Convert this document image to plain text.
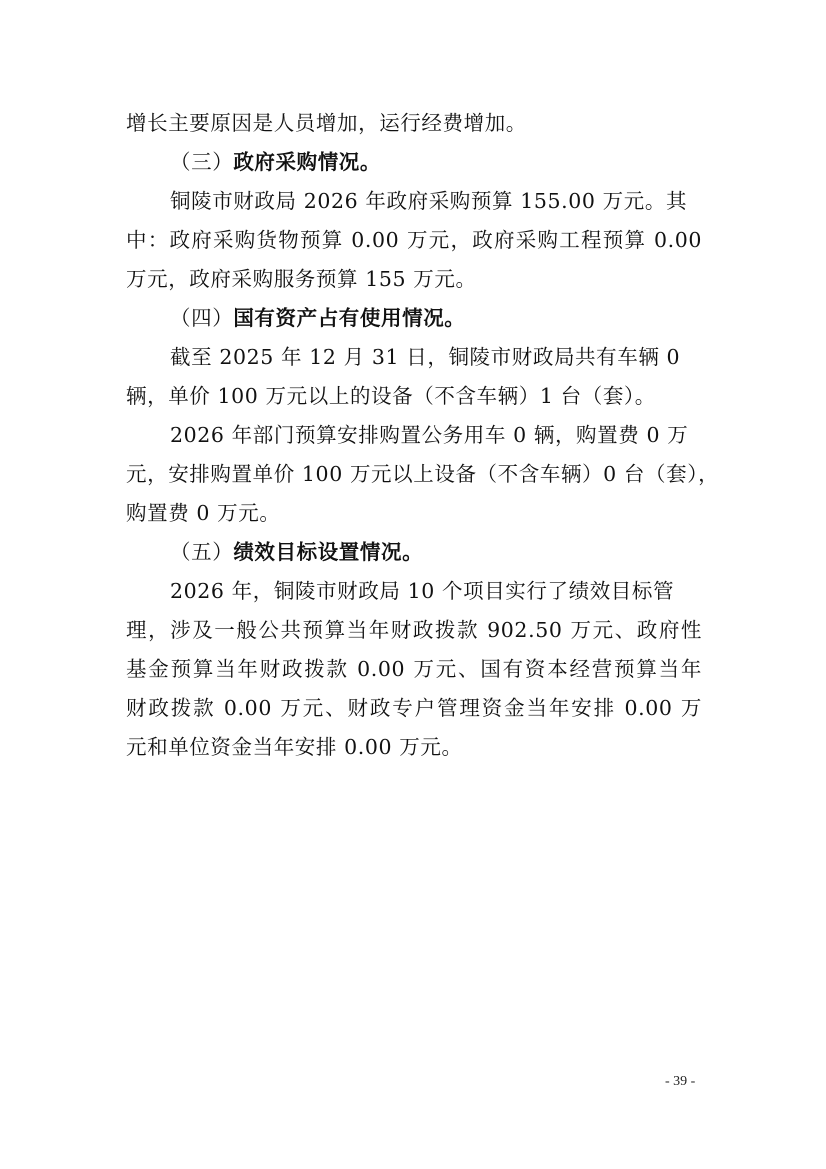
增长主要原因是人员增加，运行经费增加。
（三）政府采购情况。
铜陵市财政局 2026 年政府采购预算 155.00 万元。其
中：政府采购货物预算 0.00 万元，政府采购工程预算 0.00
万元，政府采购服务预算 155 万元。
（四）国有资产占有使用情况。
截至 2025 年 12 月 31 日，铜陵市财政局共有车辆 0
辆，单价 100 万元以上的设备（不含车辆）1 台（套）。
2026 年部门预算安排购置公务用车 0 辆，购置费 0 万
元，安排购置单价 100 万元以上设备（不含车辆）0 台（套），
购置费 0 万元。
（五）绩效目标设置情况。
2026 年，铜陵市财政局 10 个项目实行了绩效目标管
理，涉及一般公共预算当年财政拨款 902.50 万元、政府性
基金预算当年财政拨款 0.00 万元、国有资本经营预算当年
财政拨款 0.00 万元、财政专户管理资金当年安排 0.00 万
元和单位资金当年安排 0.00 万元。
- 39 -
